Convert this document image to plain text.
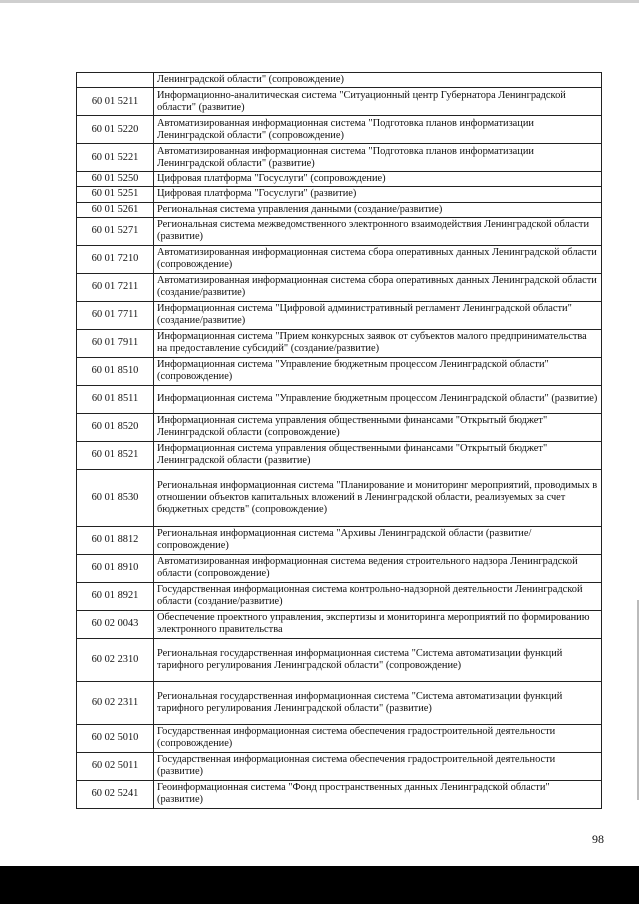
	Ленинградской области" (сопровождение)
60 01 5211	Информационно-аналитическая система "Ситуационный центр Губернатора Ленинградской области" (развитие)
60 01 5220	Автоматизированная информационная система "Подготовка планов информатизации Ленинградской области" (сопровождение)
60 01 5221	Автоматизированная информационная система "Подготовка планов информатизации Ленинградской области" (развитие)
60 01 5250	Цифровая платформа "Госуслуги" (сопровождение)
60 01 5251	Цифровая платформа "Госуслуги" (развитие)
60 01 5261	Региональная система управления данными (создание/развитие)
60 01 5271	Региональная система межведомственного электронного взаимодействия Ленинградской области (развитие)
60 01 7210	Автоматизированная информационная система сбора оперативных данных Ленинградской области (сопровождение)
60 01 7211	Автоматизированная информационная система сбора оперативных данных Ленинградской области (создание/развитие)
60 01 7711	Информационная система "Цифровой административный регламент Ленинградской области" (создание/развитие)
60 01 7911	Информационная система "Прием конкурсных заявок от субъектов малого предпринимательства на предоставление субсидий" (создание/развитие)
60 01 8510	Информационная система "Управление бюджетным процессом Ленинградской области" (сопровождение)
60 01 8511	Информационная система "Управление бюджетным процессом Ленинградской области" (развитие)
60 01 8520	Информационная система управления общественными финансами "Открытый бюджет" Ленинградской области (сопровождение)
60 01 8521	Информационная система управления общественными финансами "Открытый бюджет" Ленинградской области (развитие)
60 01 8530	Региональная информационная система "Планирование и мониторинг мероприятий, проводимых в отношении объектов капитальных вложений в Ленинградской области, реализуемых за счет бюджетных средств" (сопровождение)
60 01 8812	Региональная информационная система "Архивы Ленинградской области (развитие/сопровождение)
60 01 8910	Автоматизированная информационная система ведения строительного надзора Ленинградской области (сопровождение)
60 01 8921	Государственная информационная система контрольно-надзорной деятельности Ленинградской области (создание/развитие)
60 02 0043	Обеспечение проектного управления, экспертизы и мониторинга мероприятий по формированию электронного правительства
60 02 2310	Региональная государственная информационная система "Система автоматизации функций тарифного регулирования Ленинградской области" (сопровождение)
60 02 2311	Региональная государственная информационная система "Система автоматизации функций тарифного регулирования Ленинградской области" (развитие)
60 02 5010	Государственная информационная система обеспечения градостроительной деятельности (сопровождение)
60 02 5011	Государственная информационная система обеспечения градостроительной деятельности (развитие)
60 02 5241	Геоинформационная система "Фонд пространственных данных Ленинградской области" (развитие)
98
